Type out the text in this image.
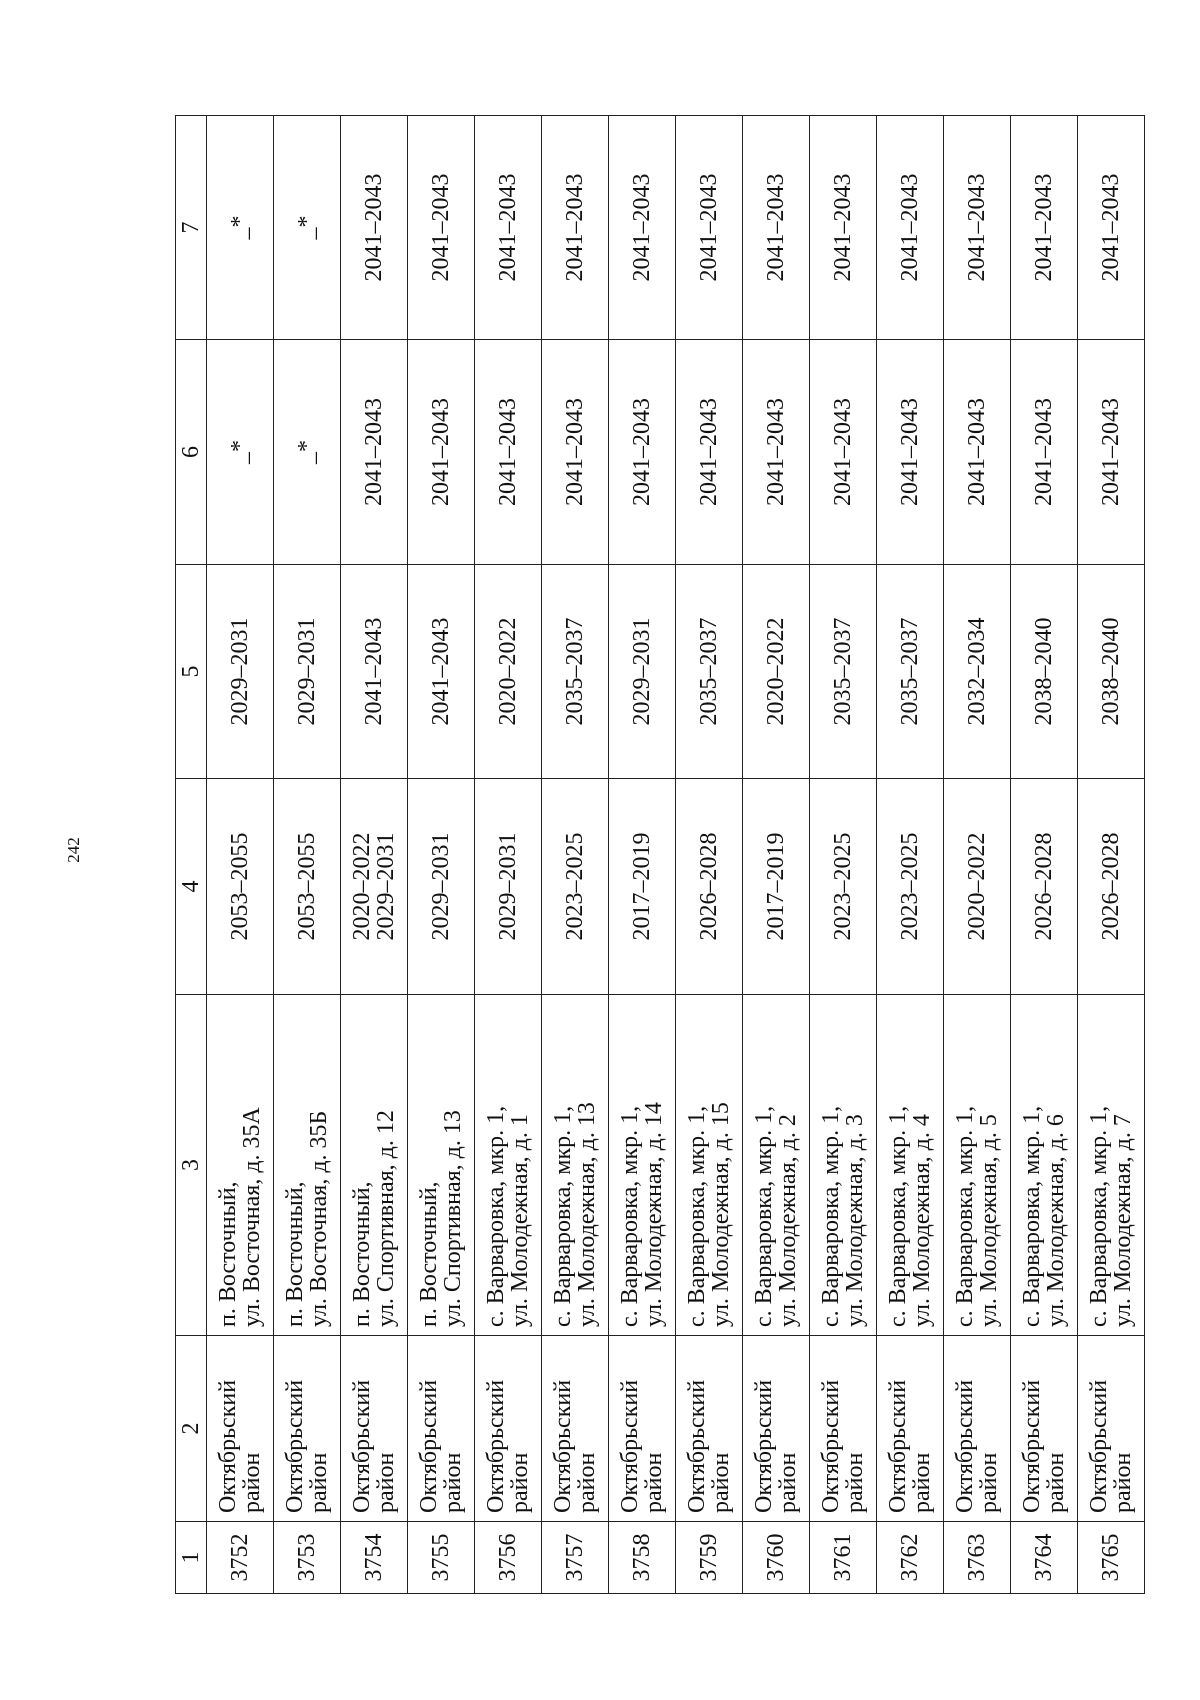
242
1	2	3	4	5	6	7
3752	Октябрьский
район	п. Восточный,
ул. Восточная, д. 35А	2053–2055	2029–2031	_*	_*

3753	Октябрьский
район	п. Восточный,
ул. Восточная, д. 35Б	2053–2055	2029–2031	_*	_*

3754	Октябрьский
район	п. Восточный,
ул. Спортивная, д. 12	2020–2022
2029–2031	2041–2043	2041–2043	2041–2043

3755	Октябрьский
район	п. Восточный,
ул. Спортивная, д. 13	2029–2031	2041–2043	2041–2043	2041–2043

3756	Октябрьский
район	с. Варваровка, мкр. 1,
ул. Молодежная, д. 1	2029–2031	2020–2022	2041–2043	2041–2043

3757	Октябрьский
район	с. Варваровка, мкр. 1,
ул. Молодежная, д. 13	2023–2025	2035–2037	2041–2043	2041–2043

3758	Октябрьский
район	с. Варваровка, мкр. 1,
ул. Молодежная, д. 14	2017–2019	2029–2031	2041–2043	2041–2043

3759	Октябрьский
район	с. Варваровка, мкр. 1,
ул. Молодежная, д. 15	2026–2028	2035–2037	2041–2043	2041–2043

3760	Октябрьский
район	с. Варваровка, мкр. 1,
ул. Молодежная, д. 2	2017–2019	2020–2022	2041–2043	2041–2043

3761	Октябрьский
район	с. Варваровка, мкр. 1,
ул. Молодежная, д. 3	2023–2025	2035–2037	2041–2043	2041–2043

3762	Октябрьский
район	с. Варваровка, мкр. 1,
ул. Молодежная, д. 4	2023–2025	2035–2037	2041–2043	2041–2043

3763	Октябрьский
район	с. Варваровка, мкр. 1,
ул. Молодежная, д. 5	2020–2022	2032–2034	2041–2043	2041–2043

3764	Октябрьский
район	с. Варваровка, мкр. 1,
ул. Молодежная, д. 6	2026–2028	2038–2040	2041–2043	2041–2043

3765	Октябрьский
район	с. Варваровка, мкр. 1,
ул. Молодежная, д. 7	2026–2028	2038–2040	2041–2043	2041–2043
